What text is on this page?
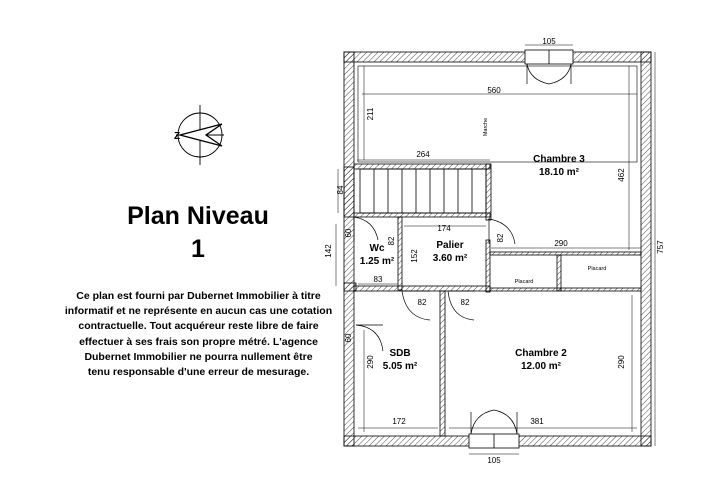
Z
Chambre 3
18.10 m²
Wc
1.25 m²
Palier
3.60 m²
SDB
5.05 m²
Chambre 2
12.00 m²
Marche
Placard
Placard
105
560
211
462
264
84
757
60
82
142
174
152
82
290
83
82	82
60
290	290
172	381
105
Plan Niveau
1
Ce plan est fourni par Dubernet Immobilier à titre
informatif et ne représente en aucun cas une cotation
contractuelle. Tout acquéreur reste libre de faire
effectuer à ses frais son propre métré. L'agence
Dubernet Immobilier ne pourra nullement être
tenu responsable d'une erreur de mesurage.
